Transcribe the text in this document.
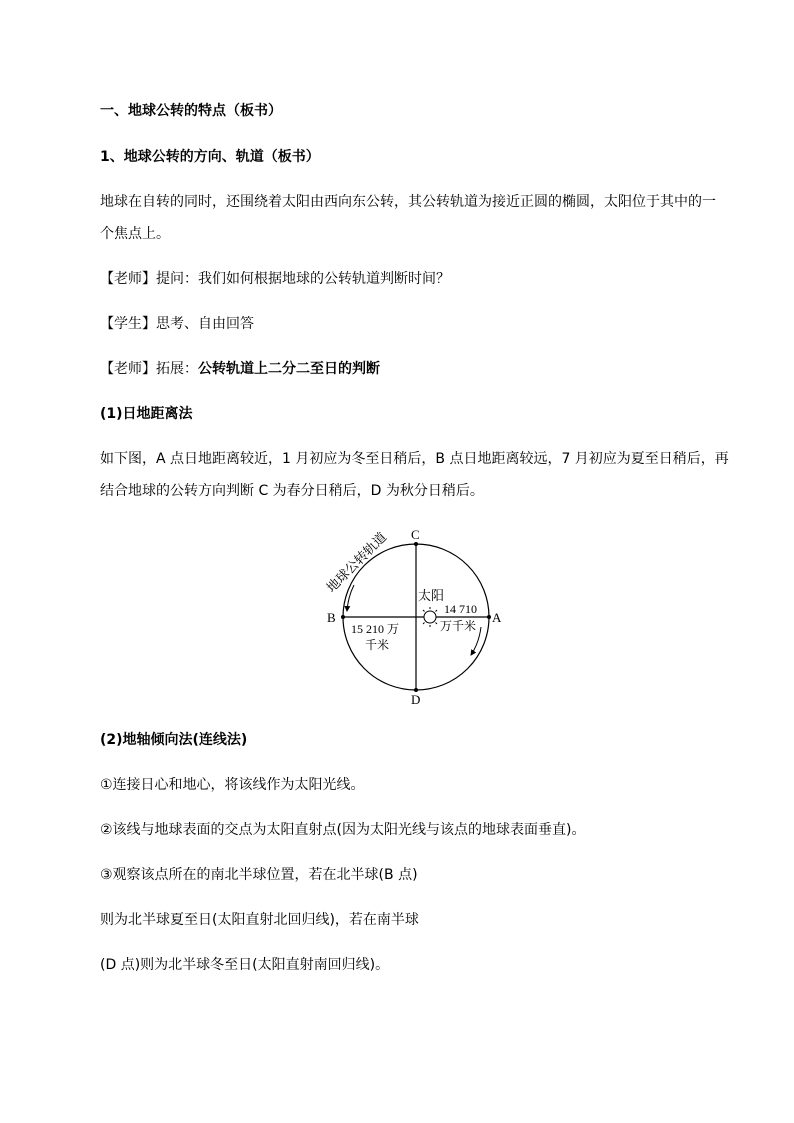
一、地球公转的特点（板书）
1、地球公转的方向、轨道（板书）
地球在自转的同时，还围绕着太阳由西向东公转，其公转轨道为接近正圆的椭圆，太阳位于其中的一
个焦点上。
【老师】提问：我们如何根据地球的公转轨道判断时间？
【学生】思考、自由回答
【老师】拓展：公转轨道上二分二至日的判断
(1)日地距离法
如下图，A 点日地距离较近，1 月初应为冬至日稍后，B 点日地距离较远，7 月初应为夏至日稍后，再
结合地球的公转方向判断 C 为春分日稍后，D 为秋分日稍后。
C
D
A
B
地球公转轨道
太阳
15 210 万
千米
14 710
万千米
(2)地轴倾向法(连线法)
①连接日心和地心，将该线作为太阳光线。
②该线与地球表面的交点为太阳直射点(因为太阳光线与该点的地球表面垂直)。
③观察该点所在的南北半球位置，若在北半球(B 点)
则为北半球夏至日(太阳直射北回归线)，若在南半球
(D 点)则为北半球冬至日(太阳直射南回归线)。
